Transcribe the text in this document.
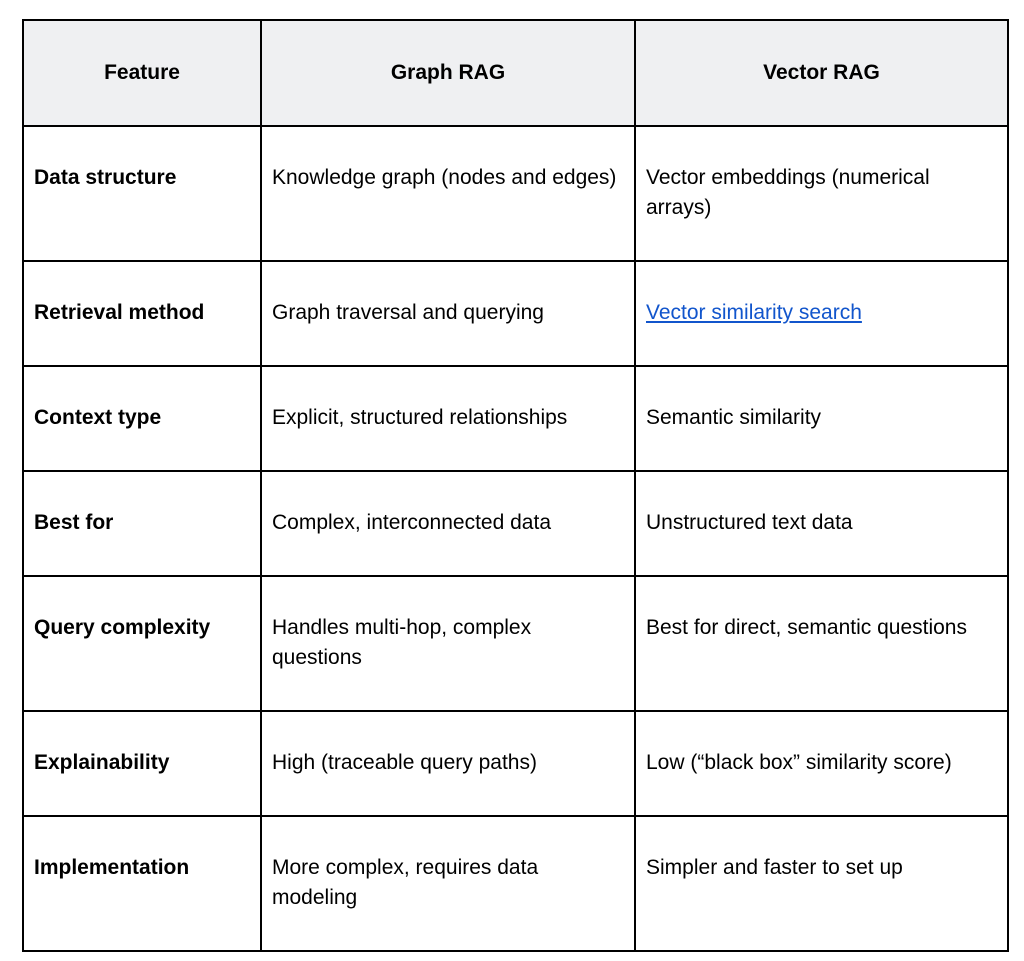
Feature	Graph RAG	Vector RAG
Data structure	Knowledge graph (nodes and edges)	Vector embeddings (numerical arrays)
Retrieval method	Graph traversal and querying	Vector similarity search
Context type	Explicit, structured relationships	Semantic similarity
Best for	Complex, interconnected data	Unstructured text data
Query complexity	Handles multi-hop, complex questions	Best for direct, semantic questions
Explainability	High (traceable query paths)	Low (“black box” similarity score)
Implementation	More complex, requires data modeling	Simpler and faster to set up
